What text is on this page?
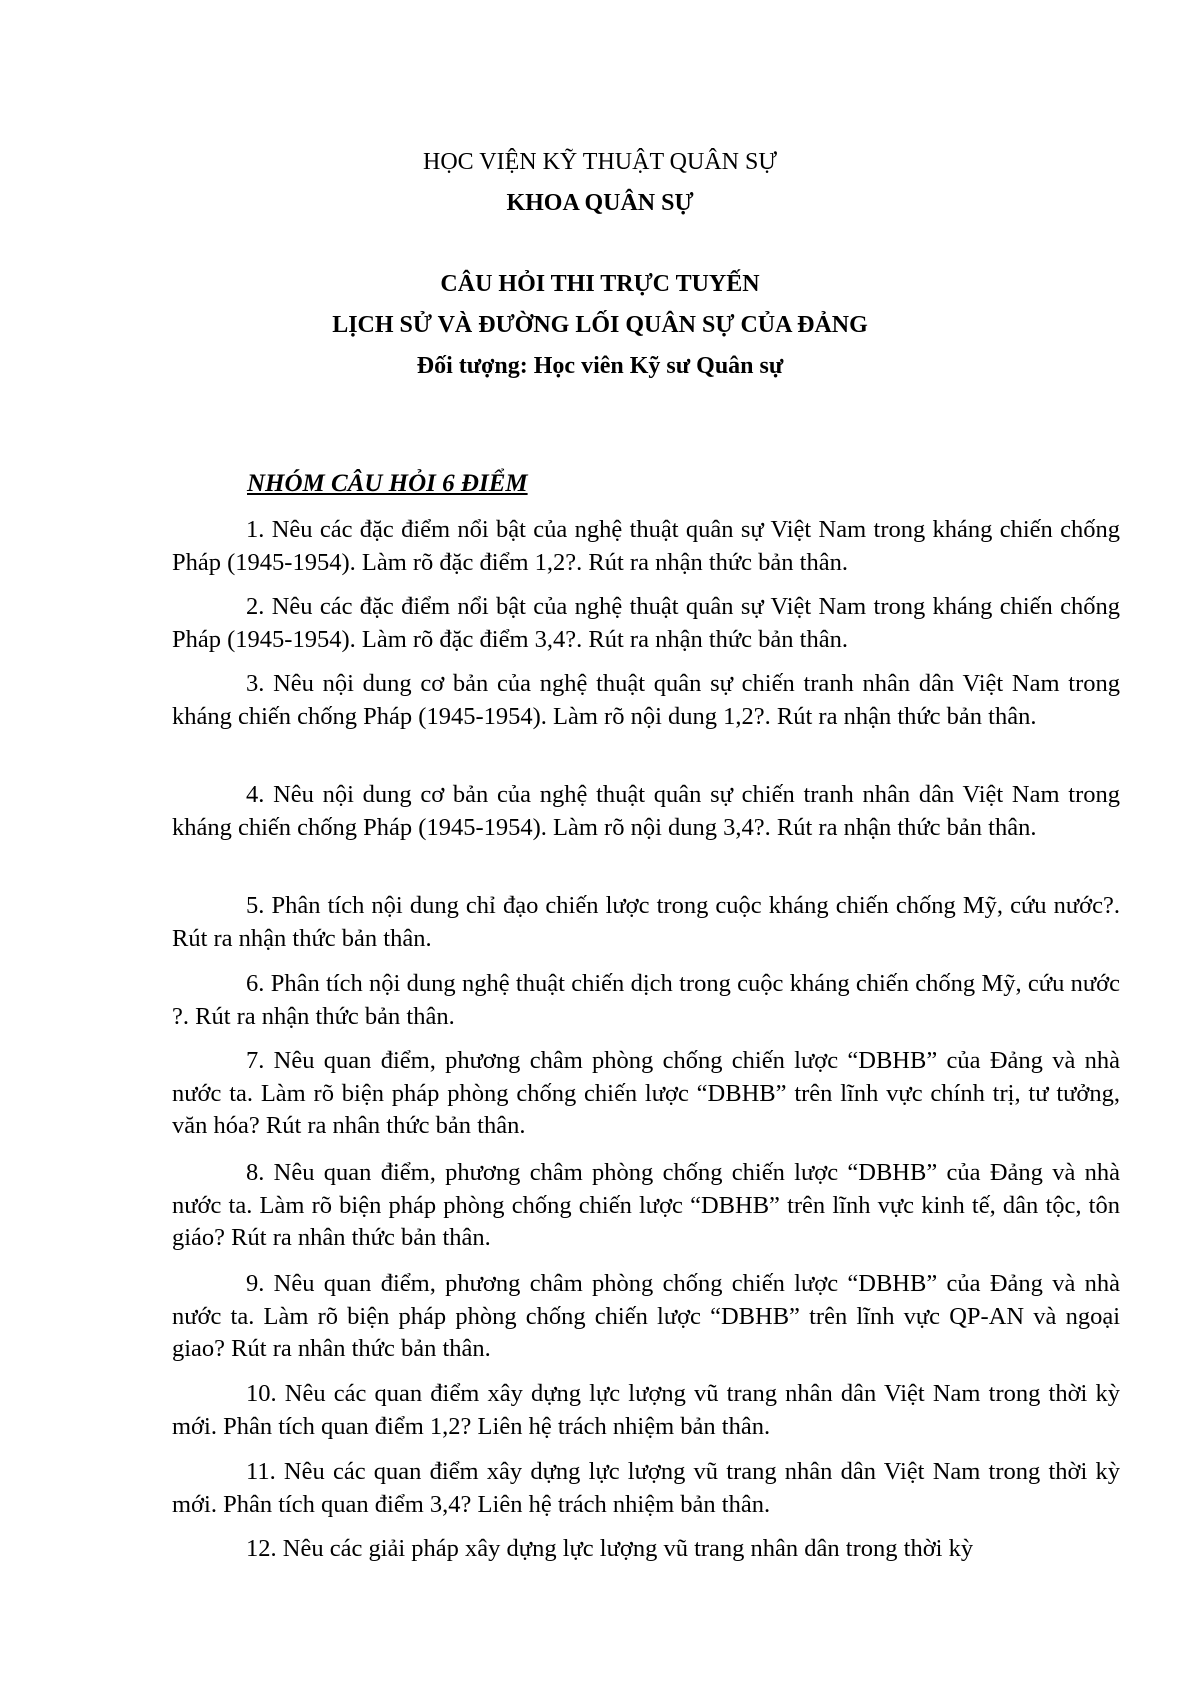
HỌC VIỆN KỸ THUẬT QUÂN SỰ
KHOA QUÂN SỰ
CÂU HỎI THI TRỰC TUYẾN
LỊCH SỬ VÀ ĐƯỜNG LỐI QUÂN SỰ CỦA ĐẢNG
Đối tượng: Học viên Kỹ sư Quân sự
NHÓM CÂU HỎI 6 ĐIỂM

1. Nêu các đặc điểm nổi bật của nghệ thuật quân sự Việt Nam trong kháng chiến chống Pháp (1945-1954). Làm rõ đặc điểm 1,2?. Rút ra nhận thức bản thân.

2. Nêu các đặc điểm nổi bật của nghệ thuật quân sự Việt Nam trong kháng chiến chống Pháp (1945-1954). Làm rõ đặc điểm 3,4?. Rút ra nhận thức bản thân.

3. Nêu nội dung cơ bản của nghệ thuật quân sự chiến tranh nhân dân Việt Nam trong kháng chiến chống Pháp (1945-1954). Làm rõ nội dung 1,2?. Rút ra nhận thức bản thân.

4. Nêu nội dung cơ bản của nghệ thuật quân sự chiến tranh nhân dân Việt Nam trong kháng chiến chống Pháp (1945-1954). Làm rõ nội dung 3,4?. Rút ra nhận thức bản thân.

5. Phân tích nội dung chỉ đạo chiến lược trong cuộc kháng chiến chống Mỹ, cứu nước?. Rút ra nhận thức bản thân.

6. Phân tích nội dung nghệ thuật chiến dịch trong cuộc kháng chiến chống Mỹ, cứu nước ?. Rút ra nhận thức bản thân.

7. Nêu quan điểm, phương châm phòng chống chiến lược “DBHB” của Đảng và nhà nước ta. Làm rõ biện pháp phòng chống chiến lược “DBHB” trên lĩnh vực chính trị, tư tưởng, văn hóa? Rút ra nhân thức bản thân.

8. Nêu quan điểm, phương châm phòng chống chiến lược “DBHB” của Đảng và nhà nước ta. Làm rõ biện pháp phòng chống chiến lược “DBHB” trên lĩnh vực kinh tế, dân tộc, tôn giáo? Rút ra nhân thức bản thân.

9. Nêu quan điểm, phương châm phòng chống chiến lược “DBHB” của Đảng và nhà nước ta. Làm rõ biện pháp phòng chống chiến lược “DBHB” trên lĩnh vực QP-AN và ngoại giao? Rút ra nhân thức bản thân.

10. Nêu các quan điểm xây dựng lực lượng vũ trang nhân dân Việt Nam trong thời kỳ mới. Phân tích quan điểm 1,2? Liên hệ trách nhiệm bản thân.

11. Nêu các quan điểm xây dựng lực lượng vũ trang nhân dân Việt Nam trong thời kỳ mới. Phân tích quan điểm 3,4? Liên hệ trách nhiệm bản thân.

12. Nêu các giải pháp xây dựng lực lượng vũ trang nhân dân trong thời kỳ
